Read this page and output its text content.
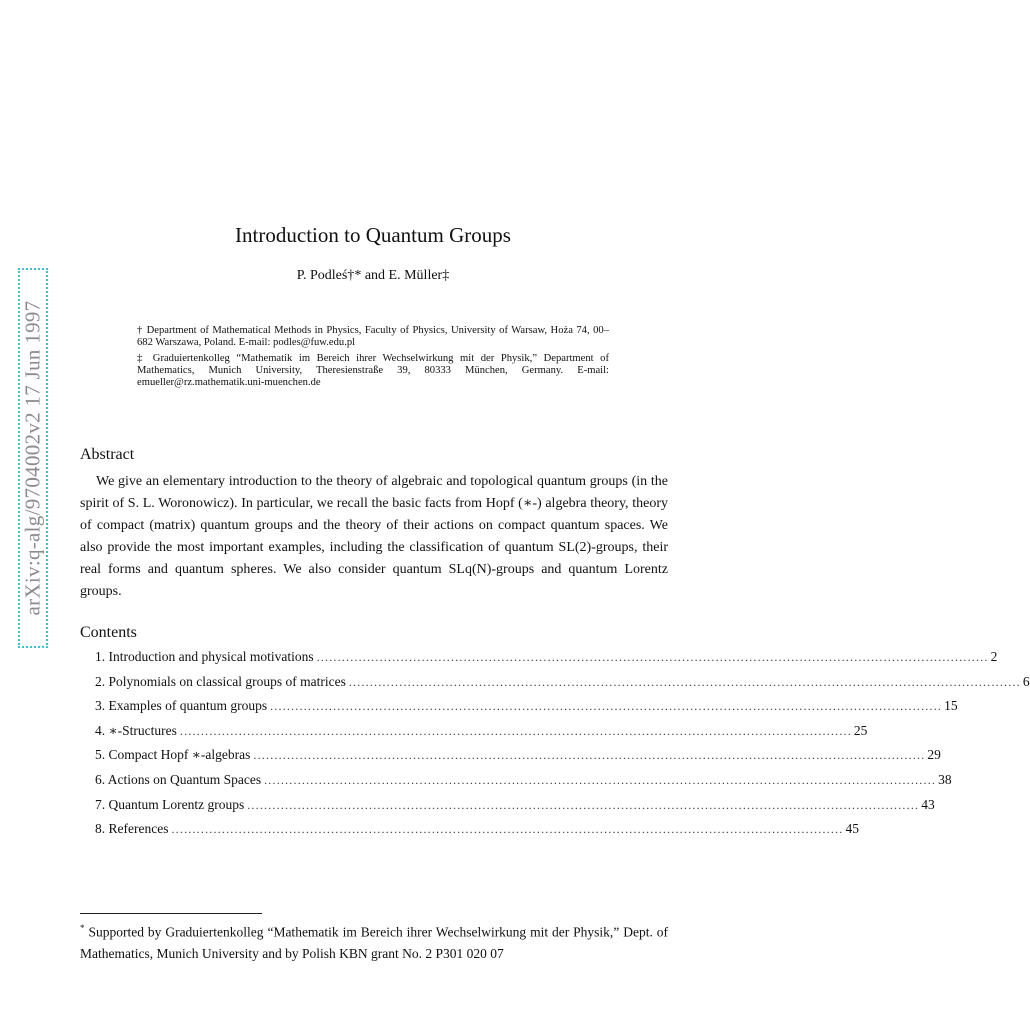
arXiv:q-alg/9704002v2 17 Jun 1997
Introduction to Quantum Groups
P. Podleś†* and E. Müller‡

† Department of Mathematical Methods in Physics, Faculty of Physics, University of Warsaw, Hoża 74, 00–682 Warszawa, Poland. E-mail: podles@fuw.edu.pl

‡ Graduiertenkolleg “Mathematik im Bereich ihrer Wechselwirkung mit der Physik,” Department of Mathematics, Munich University, Theresienstraße 39, 80333 München, Germany. E-mail: emueller@rz.mathematik.uni-muenchen.de

Abstract

We give an elementary introduction to the theory of algebraic and topological quantum groups (in the spirit of S. L. Woronowicz). In particular, we recall the basic facts from Hopf (∗-) algebra theory, theory of compact (matrix) quantum groups and the theory of their actions on compact quantum spaces. We also provide the most important examples, including the classification of quantum SL(2)-groups, their real forms and quantum spheres. We also consider quantum SLq(N)-groups and quantum Lorentz groups.

Contents
1. Introduction and physical motivations ................................................................................................................................................................ 2
2. Polynomials on classical groups of matrices ................................................................................................................................................................ 6
3. Examples of quantum groups ................................................................................................................................................................ 15
4. ∗-Structures ................................................................................................................................................................ 25
5. Compact Hopf ∗-algebras ................................................................................................................................................................ 29
6. Actions on Quantum Spaces ................................................................................................................................................................ 38
7. Quantum Lorentz groups ................................................................................................................................................................ 43
8. References ................................................................................................................................................................ 45

* Supported by Graduiertenkolleg “Mathematik im Bereich ihrer Wechselwirkung mit der Physik,” Dept. of Mathematics, Munich University and by Polish KBN grant No. 2 P301 020 07
